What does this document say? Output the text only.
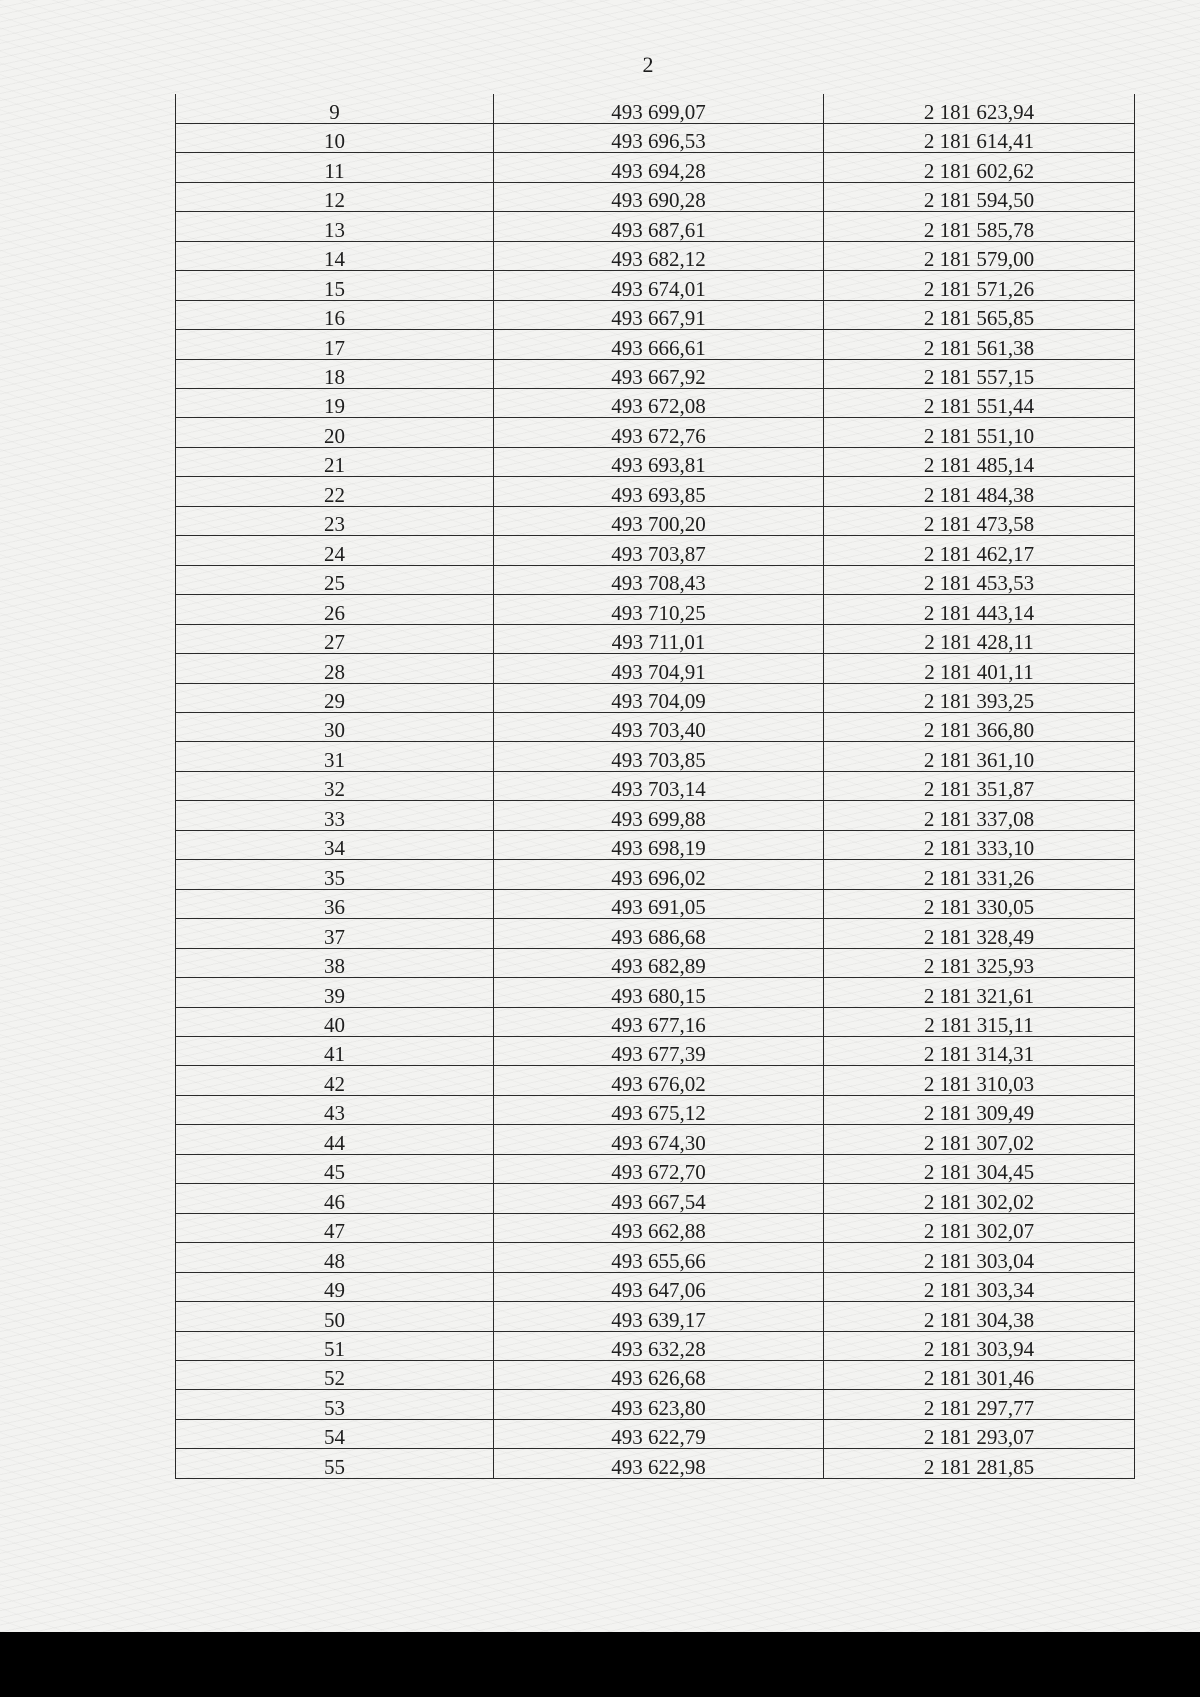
2
9	493 699,07	2 181 623,94
10	493 696,53	2 181 614,41
11	493 694,28	2 181 602,62
12	493 690,28	2 181 594,50
13	493 687,61	2 181 585,78
14	493 682,12	2 181 579,00
15	493 674,01	2 181 571,26
16	493 667,91	2 181 565,85
17	493 666,61	2 181 561,38
18	493 667,92	2 181 557,15
19	493 672,08	2 181 551,44
20	493 672,76	2 181 551,10
21	493 693,81	2 181 485,14
22	493 693,85	2 181 484,38
23	493 700,20	2 181 473,58
24	493 703,87	2 181 462,17
25	493 708,43	2 181 453,53
26	493 710,25	2 181 443,14
27	493 711,01	2 181 428,11
28	493 704,91	2 181 401,11
29	493 704,09	2 181 393,25
30	493 703,40	2 181 366,80
31	493 703,85	2 181 361,10
32	493 703,14	2 181 351,87
33	493 699,88	2 181 337,08
34	493 698,19	2 181 333,10
35	493 696,02	2 181 331,26
36	493 691,05	2 181 330,05
37	493 686,68	2 181 328,49
38	493 682,89	2 181 325,93
39	493 680,15	2 181 321,61
40	493 677,16	2 181 315,11
41	493 677,39	2 181 314,31
42	493 676,02	2 181 310,03
43	493 675,12	2 181 309,49
44	493 674,30	2 181 307,02
45	493 672,70	2 181 304,45
46	493 667,54	2 181 302,02
47	493 662,88	2 181 302,07
48	493 655,66	2 181 303,04
49	493 647,06	2 181 303,34
50	493 639,17	2 181 304,38
51	493 632,28	2 181 303,94
52	493 626,68	2 181 301,46
53	493 623,80	2 181 297,77
54	493 622,79	2 181 293,07
55	493 622,98	2 181 281,85
